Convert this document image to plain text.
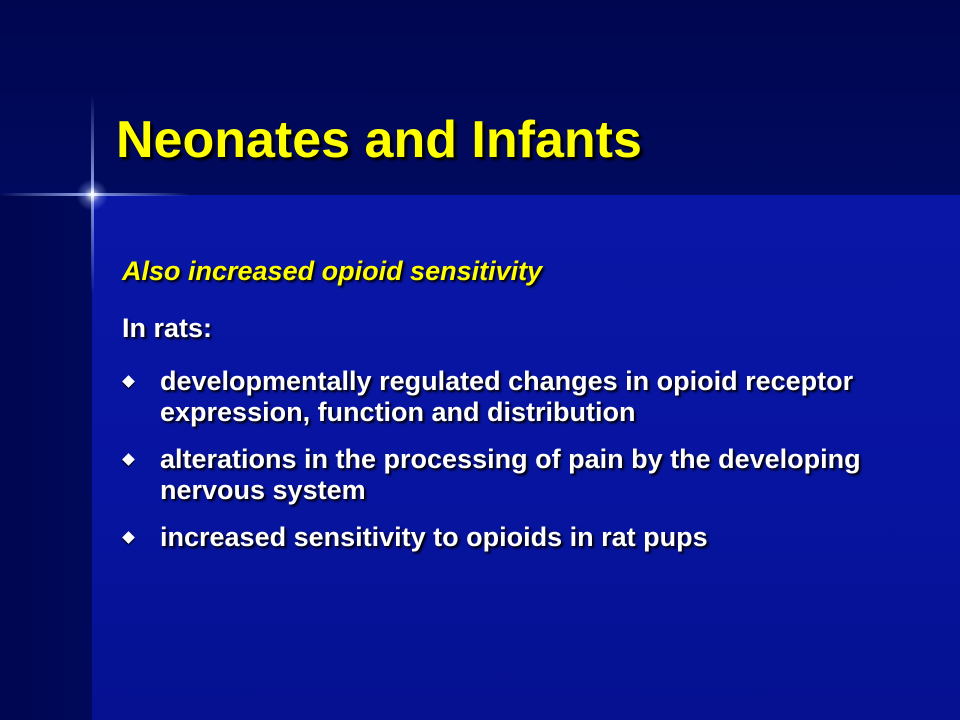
Neonates and Infants

Also increased opioid sensitivity

In rats:

developmentally regulated changes in opioid receptor expression, function and distribution
alterations in the processing of pain by the developing nervous system
increased sensitivity to opioids in rat pups
